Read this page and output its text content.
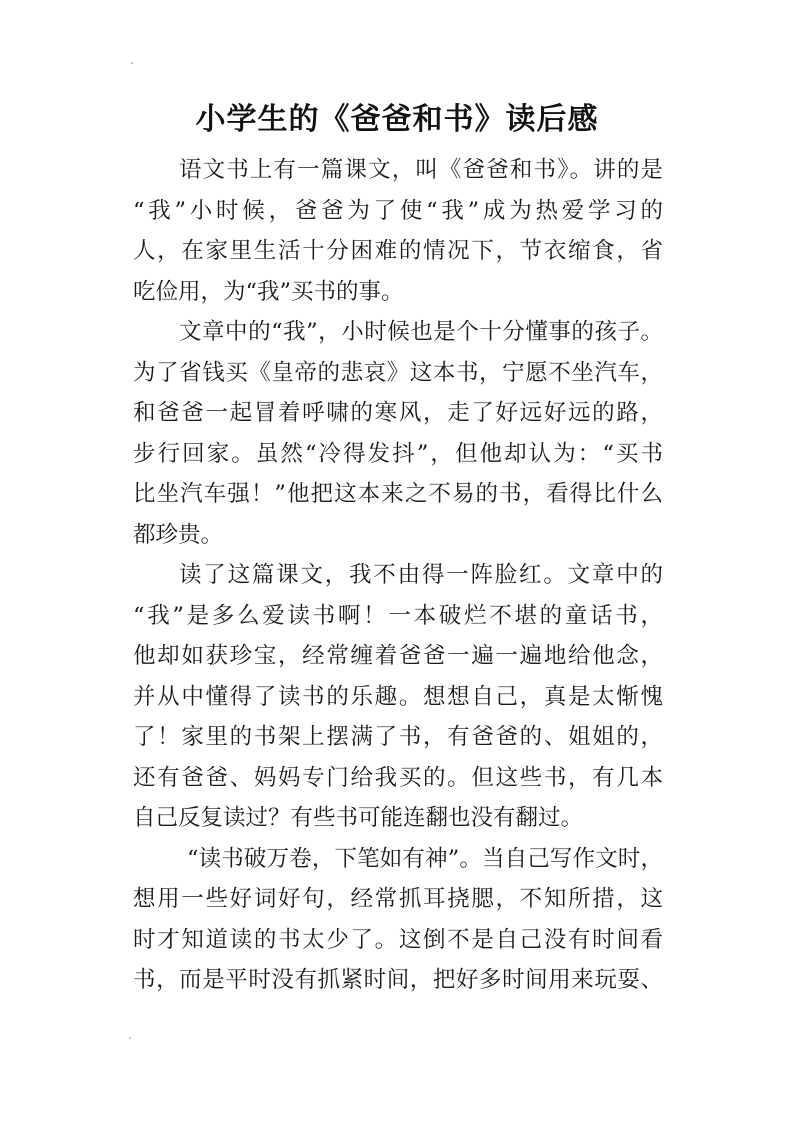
小学生的《爸爸和书》读后感
语文书上有一篇课文，叫《爸爸和书》。讲的是
“我”小时候，爸爸为了使“我”成为热爱学习的
人，在家里生活十分困难的情况下，节衣缩食，省
吃俭用，为“我”买书的事。
文章中的“我”，小时候也是个十分懂事的孩子。
为了省钱买《皇帝的悲哀》这本书，宁愿不坐汽车，
和爸爸一起冒着呼啸的寒风，走了好远好远的路，
步行回家。虽然“冷得发抖”，但他却认为：“买书
比坐汽车强！”他把这本来之不易的书，看得比什么
都珍贵。
读了这篇课文，我不由得一阵脸红。文章中的
“我”是多么爱读书啊！一本破烂不堪的童话书，
他却如获珍宝，经常缠着爸爸一遍一遍地给他念，
并从中懂得了读书的乐趣。想想自己，真是太惭愧
了！家里的书架上摆满了书，有爸爸的、姐姐的，
还有爸爸、妈妈专门给我买的。但这些书，有几本
自己反复读过？有些书可能连翻也没有翻过。
“读书破万卷，下笔如有神”。当自己写作文时，
想用一些好词好句，经常抓耳挠腮，不知所措，这
时才知道读的书太少了。这倒不是自己没有时间看
书，而是平时没有抓紧时间，把好多时间用来玩耍、
